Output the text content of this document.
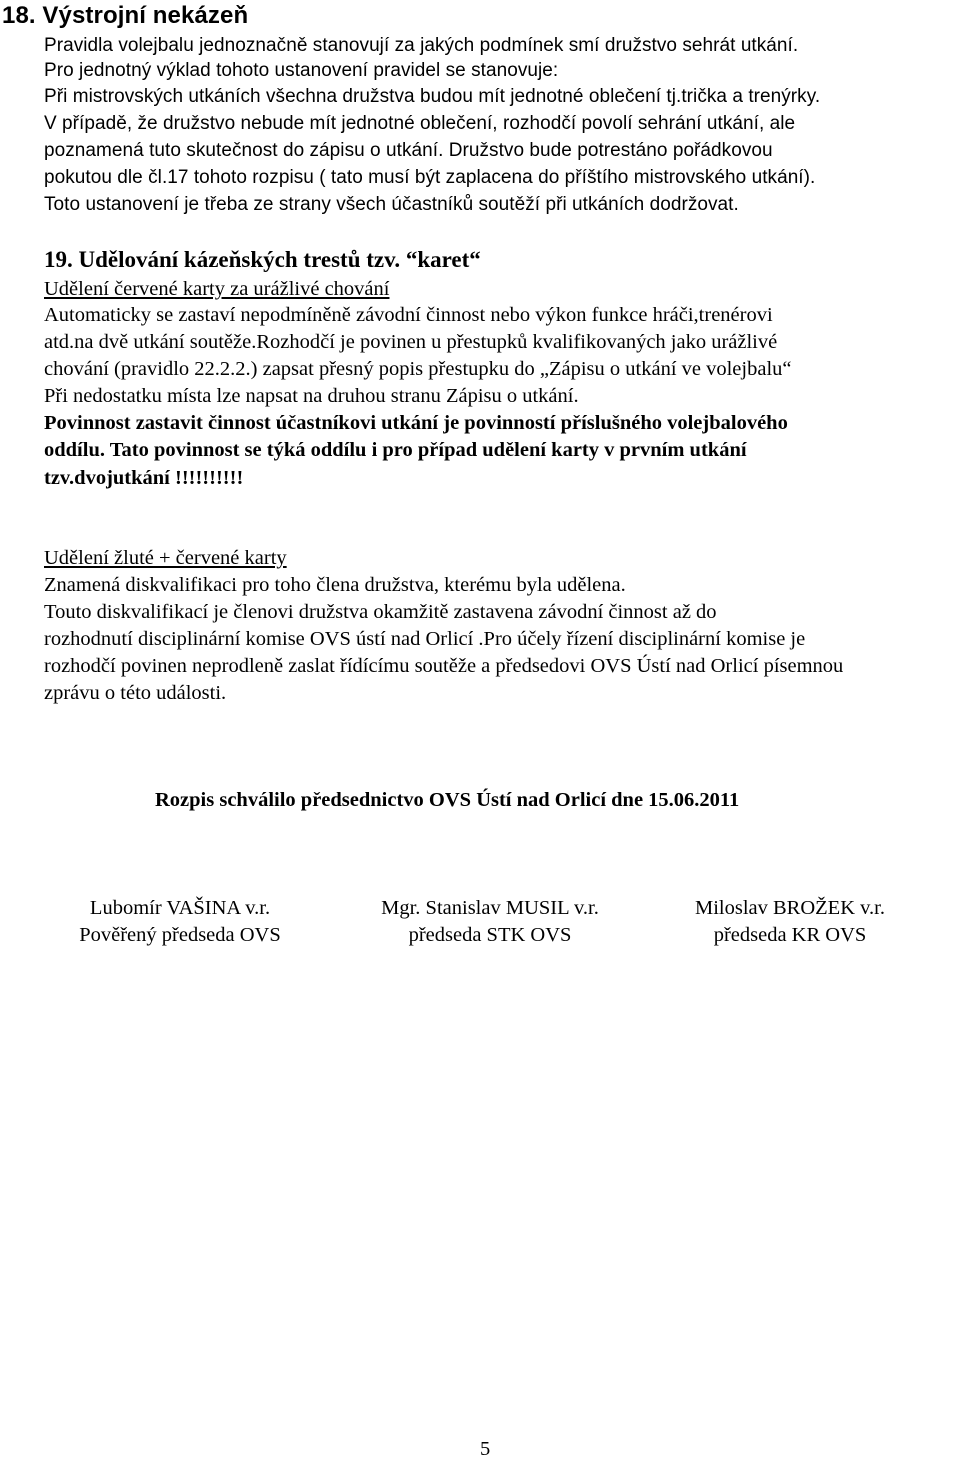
18. Výstrojní nekázeň
Pravidla volejbalu jednoznačně stanovují za jakých podmínek smí družstvo sehrát utkání.
Pro jednotný výklad tohoto ustanovení pravidel se stanovuje:
Při mistrovských utkáních všechna družstva budou mít jednotné oblečení tj.trička a trenýrky.
V případě, že družstvo nebude mít jednotné oblečení, rozhodčí povolí sehrání utkání, ale
poznamená tuto skutečnost do zápisu o utkání. Družstvo bude potrestáno pořádkovou
pokutou dle čl.17 tohoto rozpisu ( tato musí být zaplacena do příštího mistrovského utkání).
Toto ustanovení je třeba ze strany všech účastníků soutěží při utkáních dodržovat.
19. Udělování kázeňských trestů tzv. “karet“
Udělení červené karty za urážlivé chování
Automaticky se zastaví nepodmíněně závodní činnost nebo výkon funkce hráči,trenérovi
atd.na dvě utkání soutěže.Rozhodčí je povinen u přestupků kvalifikovaných jako urážlivé
chování (pravidlo 22.2.2.) zapsat přesný popis přestupku do „Zápisu o utkání ve volejbalu“
Při nedostatku místa lze napsat na druhou stranu Zápisu o utkání.
Povinnost zastavit činnost účastníkovi utkání je povinností příslušného volejbalového
oddílu. Tato povinnost se týká oddílu i pro případ udělení karty v prvním utkání
tzv.dvojutkání !!!!!!!!!!
Udělení žluté + červené karty
Znamená diskvalifikaci pro toho člena družstva, kterému byla udělena.
Touto diskvalifikací je členovi družstva okamžitě zastavena závodní činnost až do
rozhodnutí disciplinární komise OVS ústí nad Orlicí .Pro účely řízení disciplinární komise je
rozhodčí povinen neprodleně zaslat řídícímu soutěže a předsedovi OVS Ústí nad Orlicí písemnou
zprávu o této události.
Rozpis schválilo předsednictvo OVS Ústí nad Orlicí dne 15.06.2011
Lubomír VAŠINA v.r.
Pověřený předseda OVS
Mgr. Stanislav MUSIL v.r.
předseda STK OVS
Miloslav BROŽEK v.r.
předseda KR OVS
5
